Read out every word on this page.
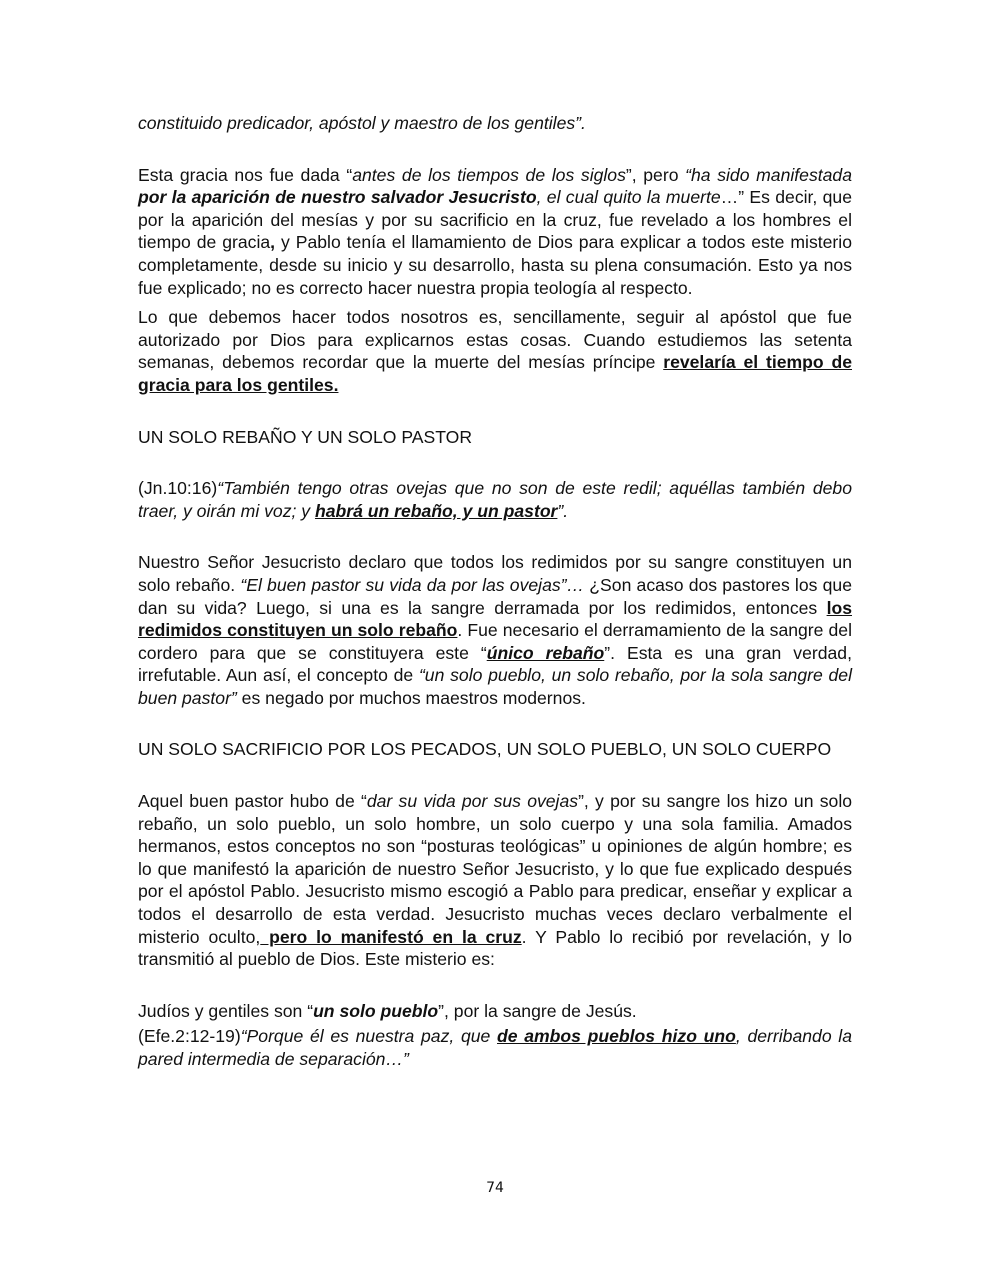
constituido predicador, apóstol y maestro de los gentiles”.

Esta gracia nos fue dada “antes de los tiempos de los siglos”, pero “ha sido manifestada por la aparición de nuestro salvador Jesucristo, el cual quito la muerte…” Es decir, que por la aparición del mesías y por su sacrificio en la cruz, fue revelado a los hombres el tiempo de gracia, y Pablo tenía el llamamiento de Dios para explicar a todos este misterio completamente, desde su inicio y su desarrollo, hasta su plena consumación. Esto ya nos fue explicado; no es correcto hacer nuestra propia teología al respecto.

Lo que debemos hacer todos nosotros es, sencillamente, seguir al apóstol que fue autorizado por Dios para explicarnos estas cosas. Cuando estudiemos las setenta semanas, debemos recordar que la muerte del mesías príncipe revelaría el tiempo de gracia para los gentiles.

UN SOLO REBAÑO Y UN SOLO PASTOR

(Jn.10:16)“También tengo otras ovejas que no son de este redil; aquéllas también debo traer, y oirán mi voz; y habrá un rebaño, y un pastor”.

Nuestro Señor Jesucristo declaro que todos los redimidos por su sangre constituyen un solo rebaño. “El buen pastor su vida da por las ovejas”… ¿Son acaso dos pastores los que dan su vida? Luego, si una es la sangre derramada por los redimidos, entonces los redimidos constituyen un solo rebaño. Fue necesario el derramamiento de la sangre del cordero para que se constituyera este “único rebaño”. Esta es una gran verdad, irrefutable. Aun así, el concepto de “un solo pueblo, un solo rebaño, por la sola sangre del buen pastor” es negado por muchos maestros modernos.

UN SOLO SACRIFICIO POR LOS PECADOS, UN SOLO PUEBLO, UN SOLO CUERPO

Aquel buen pastor hubo de “dar su vida por sus ovejas”, y por su sangre los hizo un solo rebaño, un solo pueblo, un solo hombre, un solo cuerpo y una sola familia. Amados hermanos, estos conceptos no son “posturas teológicas” u opiniones de algún hombre; es lo que manifestó la aparición de nuestro Señor Jesucristo, y lo que fue explicado después por el apóstol Pablo. Jesucristo mismo escogió a Pablo para predicar, enseñar y explicar a todos el desarrollo de esta verdad. Jesucristo muchas veces declaro verbalmente el misterio oculto, pero lo manifestó en la cruz. Y Pablo lo recibió por revelación, y lo transmitió al pueblo de Dios. Este misterio es:

Judíos y gentiles son “un solo pueblo”, por la sangre de Jesús.

(Efe.2:12-19)“Porque él es nuestra paz, que de ambos pueblos hizo uno, derribando la pared intermedia de separación…”

74
